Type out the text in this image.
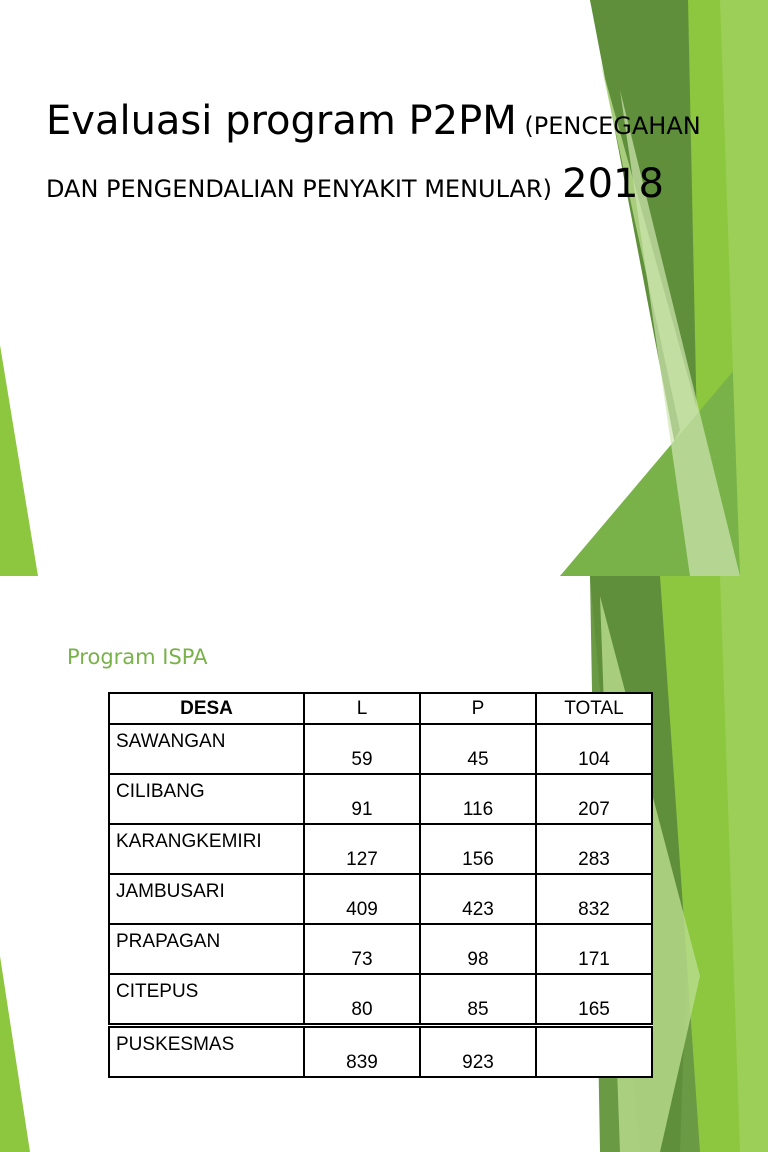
Evaluasi program P2PM (PENCEGAHAN
DAN PENGENDALIAN PENYAKIT MENULAR) 2018
Program ISPA
DESA	L	P	TOTAL
SAWANGAN	59	45	104
CILIBANG	91	116	207
KARANGKEMIRI	127	156	283
JAMBUSARI	409	423	832
PRAPAGAN	73	98	171
CITEPUS	80	85	165
PUSKESMAS	839	923	
